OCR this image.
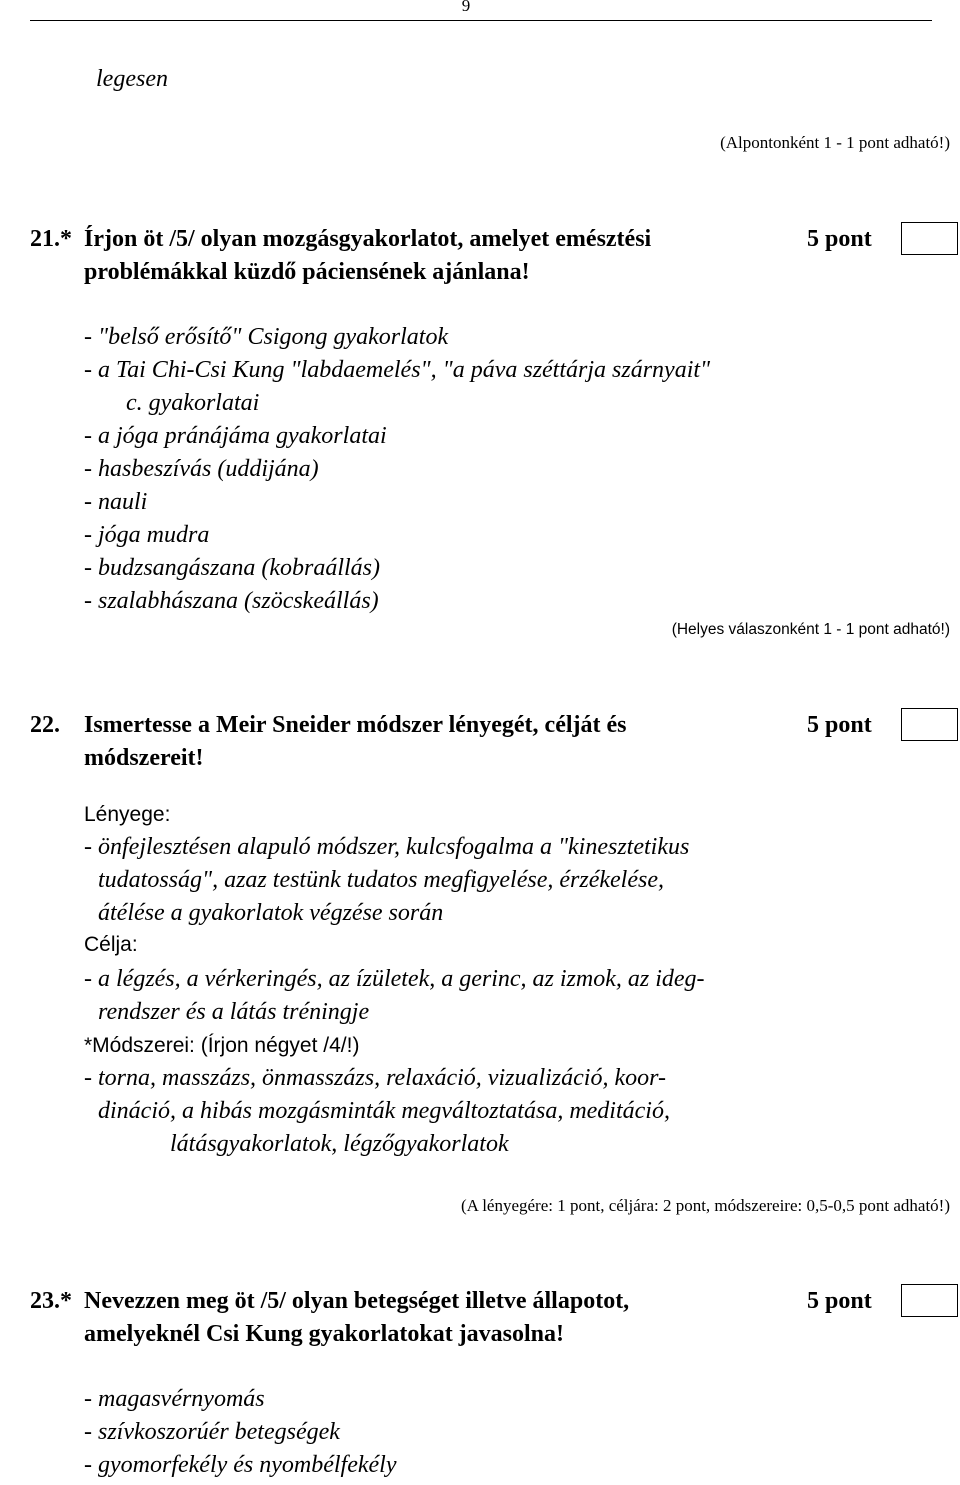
9
legesen
(Alpontonként 1 - 1 pont adható!)
21.* Írjon öt /5/ olyan mozgásgyakorlatot, amelyet emésztési
problémákkal küzdő páciensének ajánlana!
5 pont
- "belső erősítő" Csigong gyakorlatok
- a Tai Chi-Csi Kung "labdaemelés", "a páva széttárja szárnyait"
c. gyakorlatai
- a jóga pránájáma gyakorlatai
- hasbeszívás (uddijána)
- nauli
- jóga mudra
- budzsangászana (kobraállás)
- szalabhászana (szöcskeállás)
(Helyes válaszonként 1 - 1 pont adható!)
22. Ismertesse a Meir Sneider módszer lényegét, célját és
módszereit!
5 pont
Lényege:
- önfejlesztésen alapuló módszer, kulcsfogalma a "kinesztetikus
tudatosság", azaz testünk tudatos megfigyelése, érzékelése,
átélése a gyakorlatok végzése során
Célja:
- a légzés, a vérkeringés, az ízületek, a gerinc, az izmok, az ideg-
rendszer és a látás tréningje
*Módszerei: (Írjon négyet /4/!)
- torna, masszázs, önmasszázs, relaxáció, vizualizáció, koor-
dináció, a hibás mozgásminták megváltoztatása, meditáció,
látásgyakorlatok, légzőgyakorlatok
(A lényegére: 1 pont, céljára: 2 pont, módszereire: 0,5-0,5 pont adható!)
23.* Nevezzen meg öt /5/ olyan betegséget illetve állapotot,
amelyeknél Csi Kung gyakorlatokat javasolna!
5 pont
- magasvérnyomás
- szívkoszorúér betegségek
- gyomorfekély és nyombélfekély
